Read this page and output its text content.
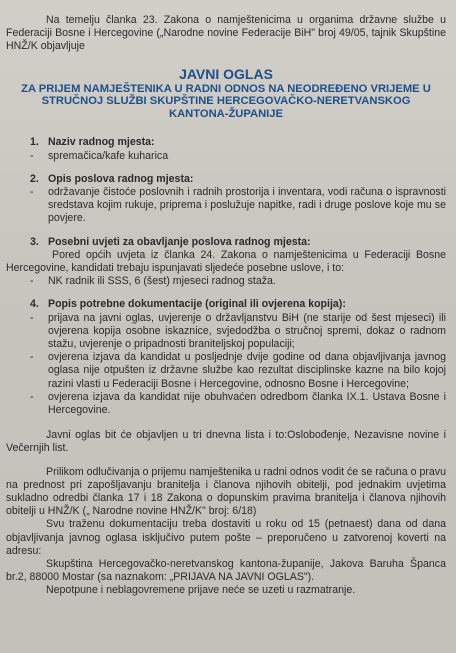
Na temelju članka 23. Zakona o namještenicima u organima državne službe u Federaciji Bosne i Hercegovine („Narodne novine Federacije BiH" broj 49/05, tajnik Skupštine HNŽ/K objavljuje

JAVNI OGLAS
ZA PRIJEM NAMJEŠTENIKA U RADNI ODNOS NA NEODREĐENO VRIJEME U STRUČNOJ SLUŽBI SKUPŠTINE HERCEGOVAČKO-NERETVANSKOG KANTONA-ŽUPANIJE
1. Naziv radnog mjesta:
-	spremačica/kafe kuharica
2. Opis poslova radnog mjesta:
-	održavanje čistoće poslovnih i radnih prostorija i inventara, vodi računa o ispravnosti sredstava kojim rukuje, priprema i poslužuje napitke, radi i druge poslove koje mu se povjere.
3. Posebni uvjeti za obavljanje poslova radnog mjesta:

Pored općih uvjeta iz članka 24. Zakona o namještenicima u Federaciji Bosne Hercegovine, kandidati trebaju ispunjavati sljedeće posebne uslove, i to:

-	NK radnik ili SSS, 6 (šest) mjeseci radnog staža.
4. Popis potrebne dokumentacije (original ili ovjerena kopija):
-	prijava na javni oglas, uvjerenje o državljanstvu BiH (ne starije od šest mjeseci) ili ovjerena kopija osobne iskaznice, svjedodžba o stručnoj spremi, dokaz o radnom stažu, uvjerenje o pripadnosti braniteljskoj populaciji;
-	ovjerena izjava da kandidat u posljednje dvije godine od dana objavljivanja javnog oglasa nije otpušten iz državne službe kao rezultat disciplinske kazne na bilo kojoj razini vlasti u Federaciji Bosne i Hercegovine, odnosno Bosne i Hercegovine;
-	ovjerena izjava da kandidat nije obuhvaćen odredbom članka IX.1. Ustava Bosne i Hercegovine.

Javni oglas bit će objavljen u tri dnevna lista i to:Oslobođenje, Nezavisne novine i Večernjih list.

Prilikom odlučivanja o prijemu namještenika u radni odnos vodit će se računa o pravu na prednost pri zapošljavanju branitelja i članova njihovih obitelji, pod jednakim uvjetima sukladno odredbi članka 17 i 18 Zakona o dopunskim pravima branitelja i članova njihovih obitelji u HNŽ/K („ Narodne novine HNŽ/K" broj: 6/18)

Svu traženu dokumentaciju treba dostaviti u roku od 15 (petnaest) dana od dana objavljivanja javnog oglasa isključivo putem pošte – preporučeno u zatvorenoj koverti na adresu:

Skupština Hercegovačko-neretvanskog kantona-županije, Jakova Baruha Španca br.2, 88000 Mostar (sa naznakom: „PRIJAVA NA JAVNI OGLAS").

Nepotpune i neblagovremene prijave neće se uzeti u razmatranje.
